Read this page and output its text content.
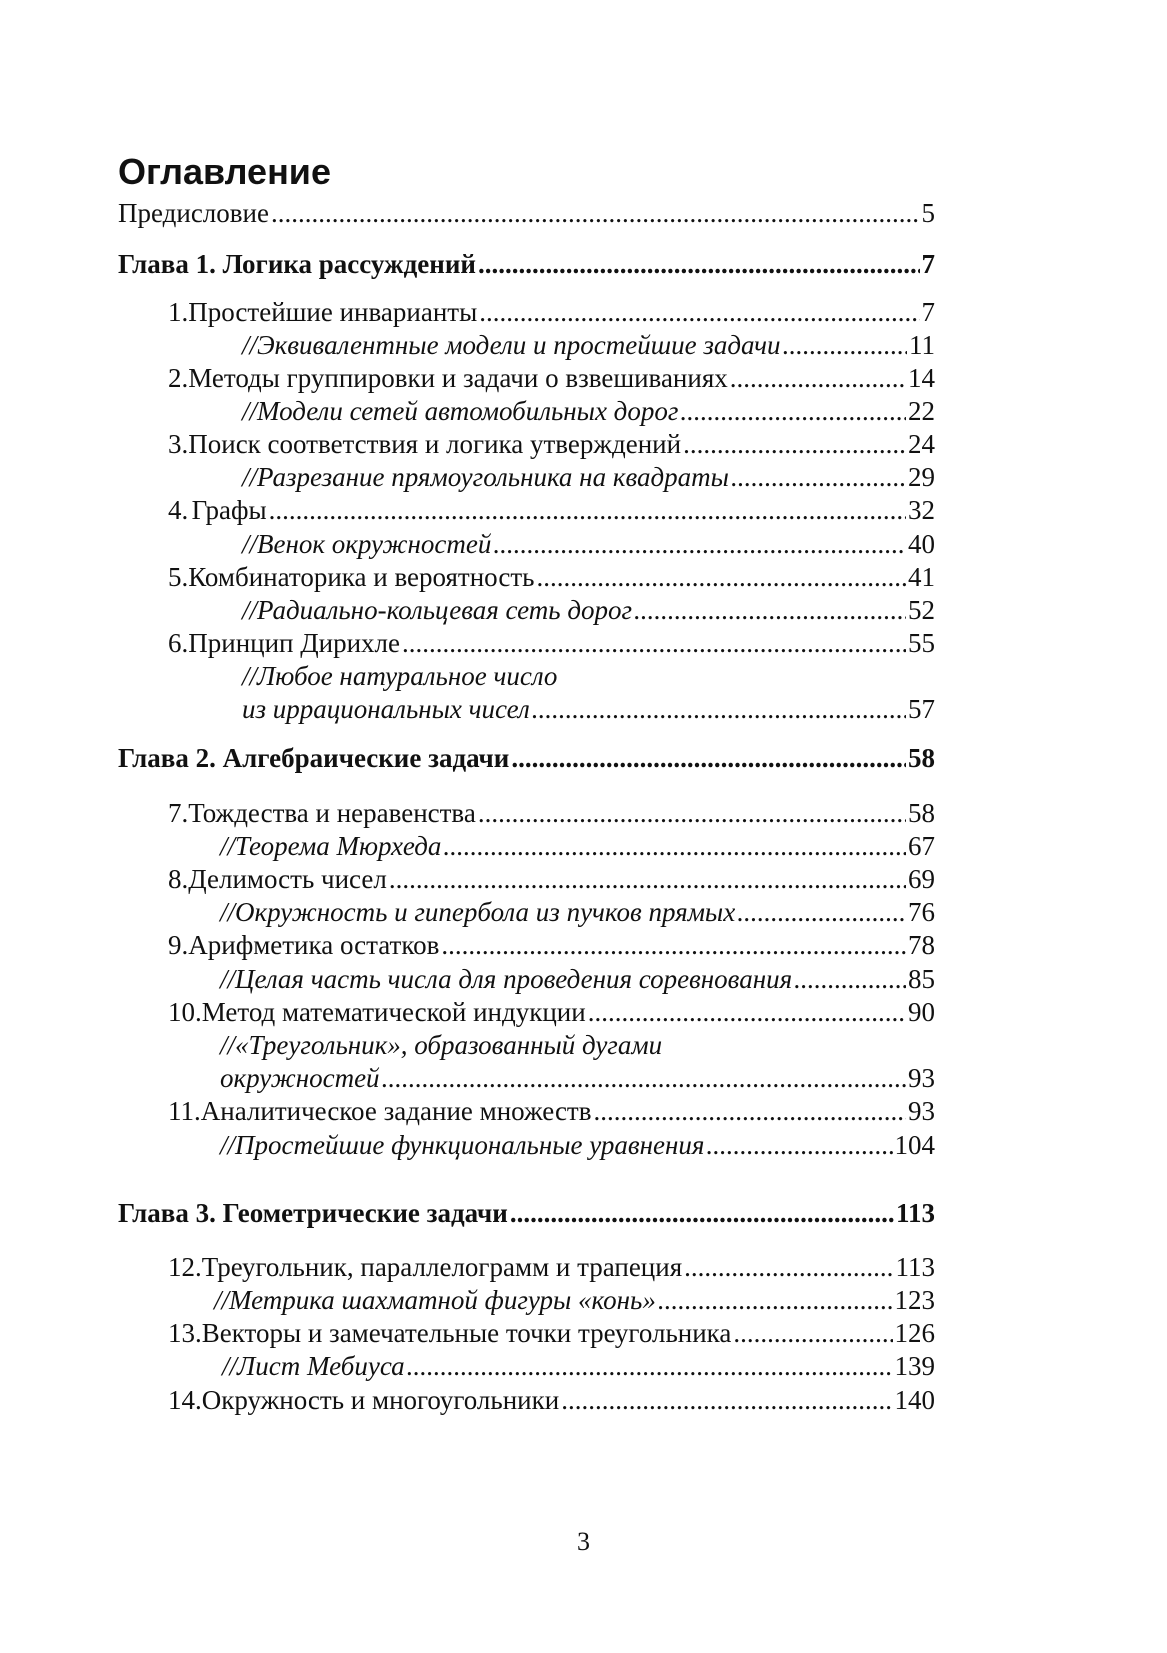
Оглавление
Предисловие .....	5
Глава 1. Логика рассуждений .....	7
1. Простейшие инварианты .....	7
//Эквивалентные модели и простейшие задачи .....	11
2. Методы группировки и задачи о взвешиваниях .....	14
//Модели сетей автомобильных дорог .....	22
3. Поиск соответствия и логика утверждений .....	24
//Разрезание прямоугольника на квадраты .....	29
4. Графы .....	32
//Венок окружностей .....	40
5. Комбинаторика и вероятность .....	41
//Радиально-кольцевая сеть дорог .....	52
6. Принцип Дирихле .....	55
//Любое натуральное число
из иррациональных чисел .....	57
Глава 2. Алгебраические задачи .....	58
7. Тождества и неравенства .....	58
//Теорема Мюрхеда .....	67
8. Делимость чисел .....	69
//Окружность и гипербола из пучков прямых .....	76
9. Арифметика остатков .....	78
//Целая часть числа для проведения соревнования .....	85
10. Метод математической индукции .....	90
//«Треугольник», образованный дугами
окружностей .....	93
11. Аналитическое задание множеств .....	93
//Простейшие функциональные уравнения .....	104
Глава 3. Геометрические задачи .....	113
12. Треугольник, параллелограмм и трапеция .....	113
//Метрика шахматной фигуры «конь» .....	123
13. Векторы и замечательные точки треугольника .....	126
//Лист Мебиуса .....	139
14. Окружность и многоугольники .....	140
3
